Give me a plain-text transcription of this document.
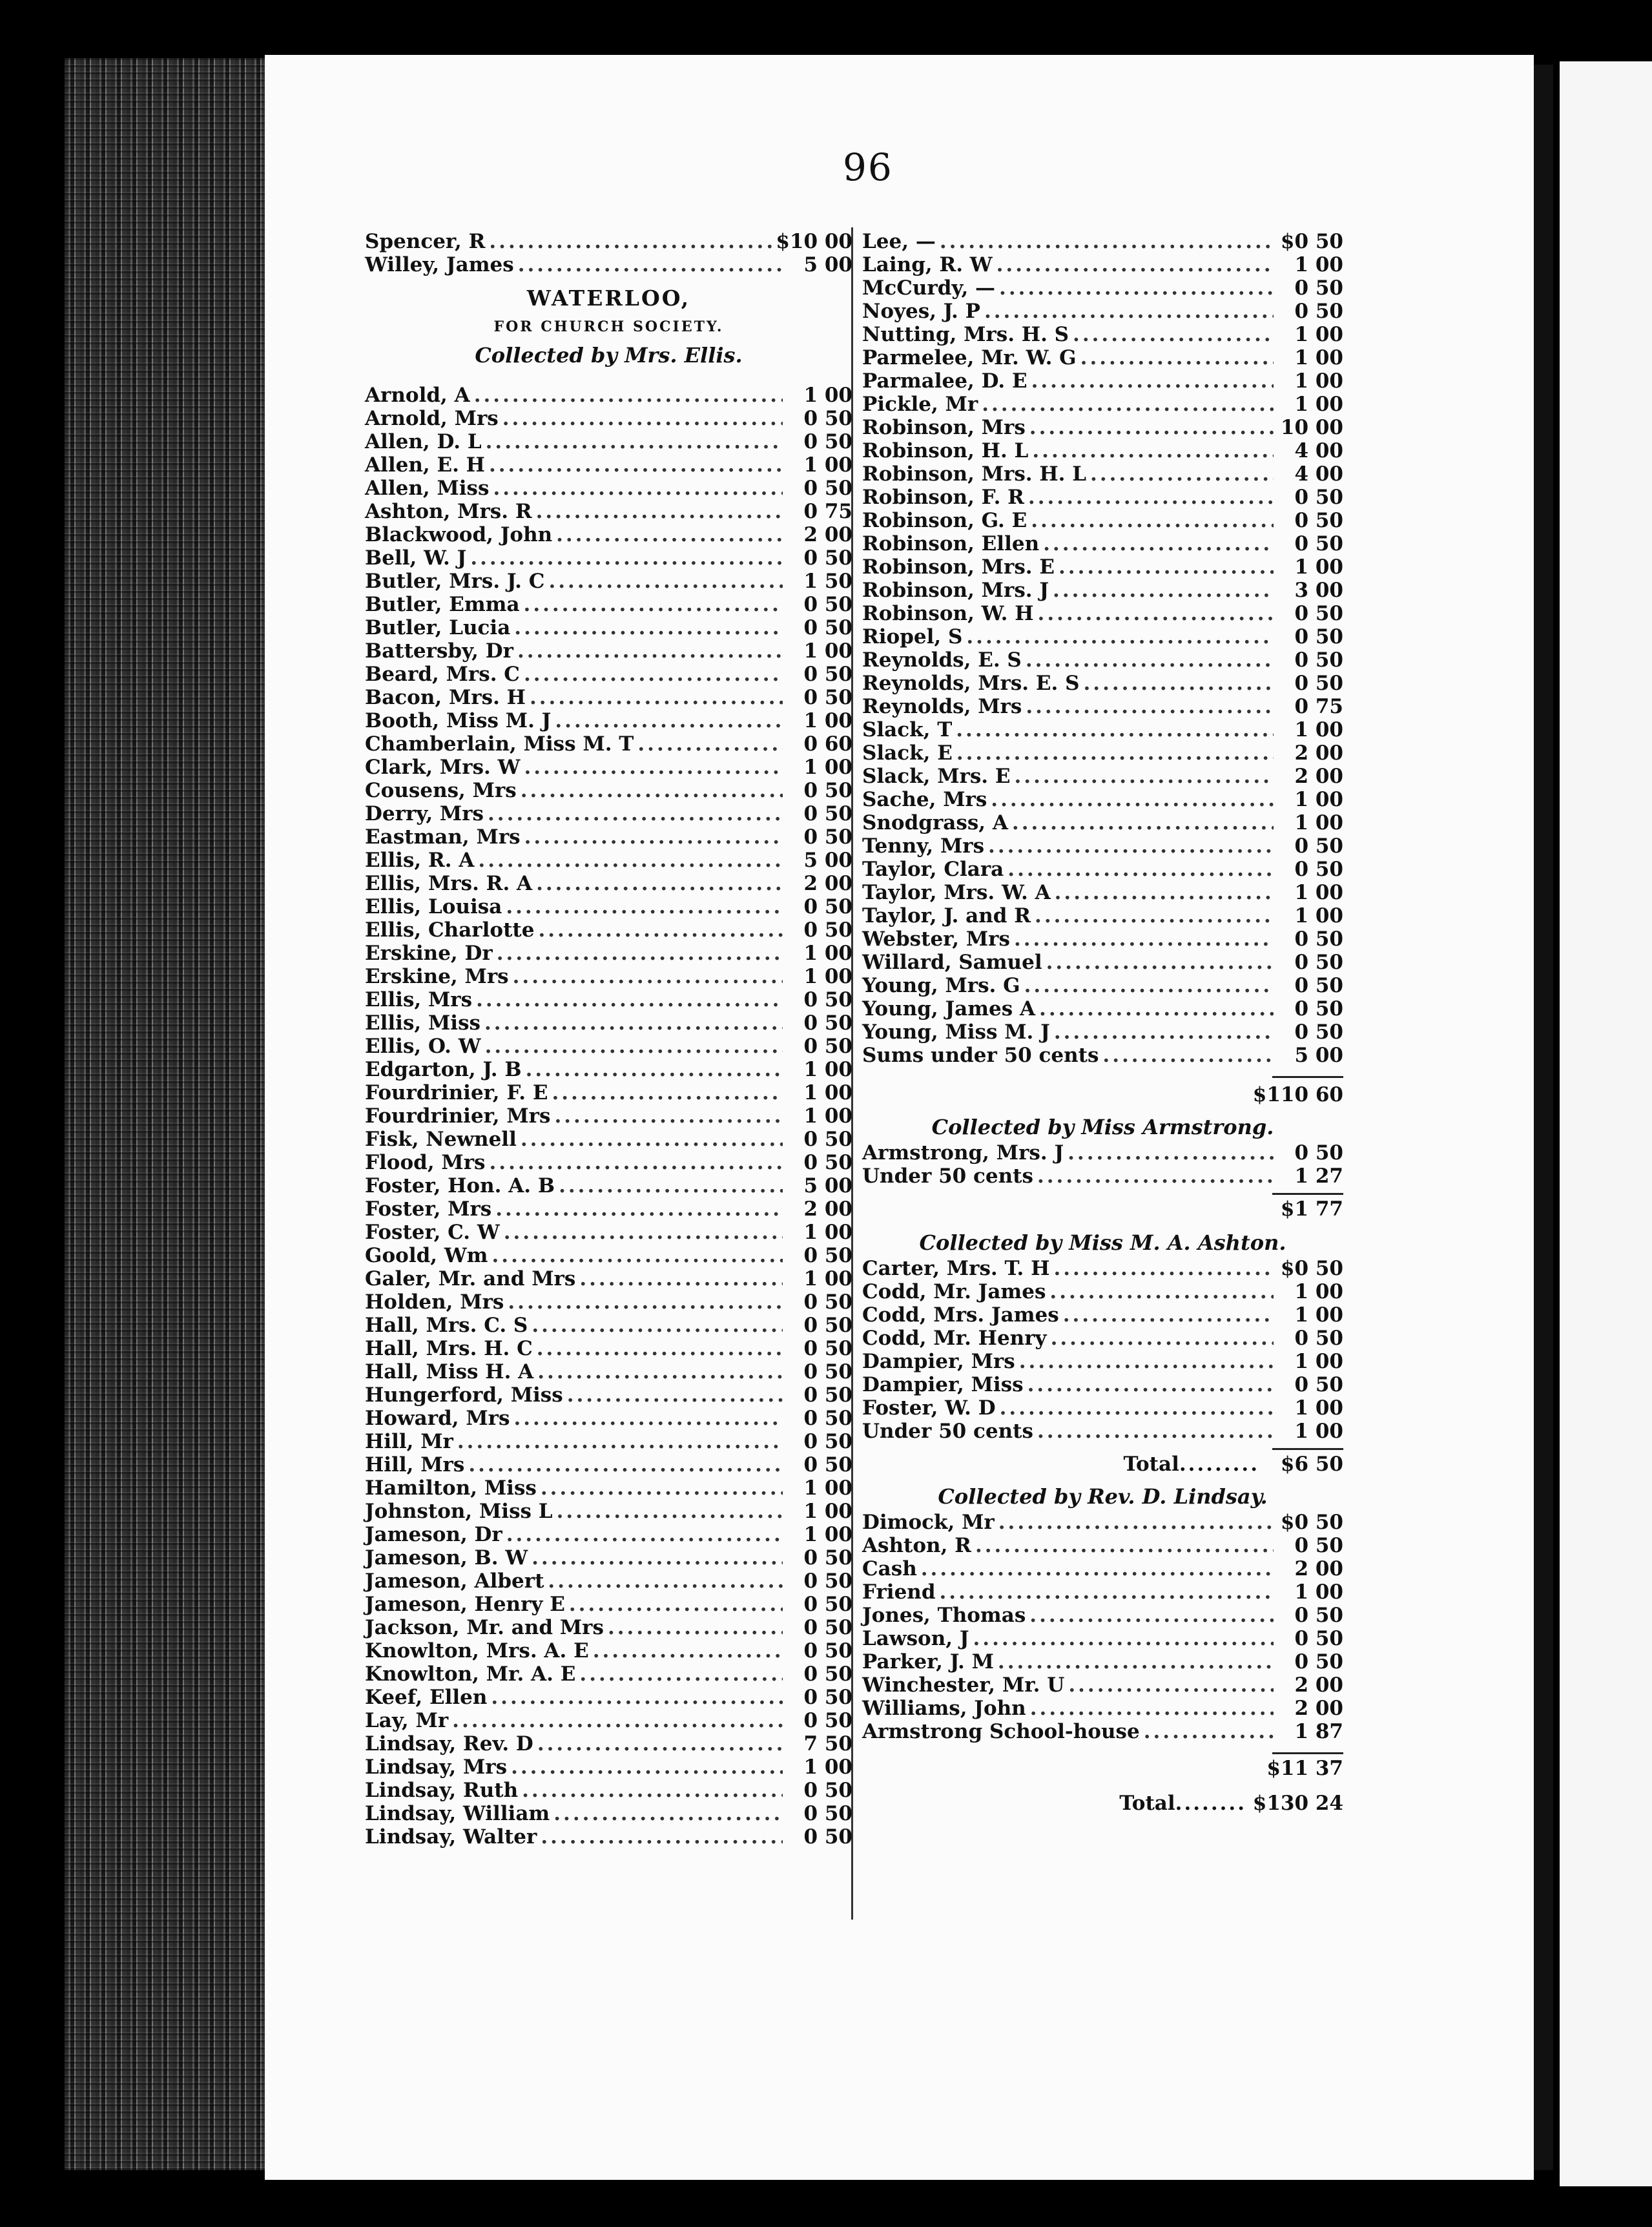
96
Spencer, R .....	$10 00
Willey, James .....	5 00
WATERLOO,
FOR CHURCH SOCIETY.
Collected by Mrs. Ellis.
Arnold, A .....	1 00
Arnold, Mrs .....	0 50
Allen, D. L .....	0 50
Allen, E. H .....	1 00
Allen, Miss .....	0 50
Ashton, Mrs. R .....	0 75
Blackwood, John .....	2 00
Bell, W. J .....	0 50
Butler, Mrs. J. C .....	1 50
Butler, Emma .....	0 50
Butler, Lucia .....	0 50
Battersby, Dr .....	1 00
Beard, Mrs. C .....	0 50
Bacon, Mrs. H .....	0 50
Booth, Miss M. J .....	1 00
Chamberlain, Miss M. T .....	0 60
Clark, Mrs. W .....	1 00
Cousens, Mrs .....	0 50
Derry, Mrs .....	0 50
Eastman, Mrs .....	0 50
Ellis, R. A .....	5 00
Ellis, Mrs. R. A .....	2 00
Ellis, Louisa .....	0 50
Ellis, Charlotte .....	0 50
Erskine, Dr .....	1 00
Erskine, Mrs .....	1 00
Ellis, Mrs .....	0 50
Ellis, Miss .....	0 50
Ellis, O. W .....	0 50
Edgarton, J. B .....	1 00
Fourdrinier, F. E .....	1 00
Fourdrinier, Mrs .....	1 00
Fisk, Newnell .....	0 50
Flood, Mrs .....	0 50
Foster, Hon. A. B .....	5 00
Foster, Mrs .....	2 00
Foster, C. W .....	1 00
Goold, Wm .....	0 50
Galer, Mr. and Mrs .....	1 00
Holden, Mrs .....	0 50
Hall, Mrs. C. S .....	0 50
Hall, Mrs. H. C .....	0 50
Hall, Miss H. A .....	0 50
Hungerford, Miss .....	0 50
Howard, Mrs .....	0 50
Hill, Mr .....	0 50
Hill, Mrs .....	0 50
Hamilton, Miss .....	1 00
Johnston, Miss L .....	1 00
Jameson, Dr .....	1 00
Jameson, B. W .....	0 50
Jameson, Albert .....	0 50
Jameson, Henry E .....	0 50
Jackson, Mr. and Mrs .....	0 50
Knowlton, Mrs. A. E .....	0 50
Knowlton, Mr. A. E .....	0 50
Keef, Ellen .....	0 50
Lay, Mr .....	0 50
Lindsay, Rev. D .....	7 50
Lindsay, Mrs .....	1 00
Lindsay, Ruth .....	0 50
Lindsay, William .....	0 50
Lindsay, Walter .....	0 50
Lee, — .....	$0 50
Laing, R. W .....	1 00
McCurdy, — .....	0 50
Noyes, J. P .....	0 50
Nutting, Mrs. H. S .....	1 00
Parmelee, Mr. W. G .....	1 00
Parmalee, D. E .....	1 00
Pickle, Mr .....	1 00
Robinson, Mrs .....	10 00
Robinson, H. L .....	4 00
Robinson, Mrs. H. L .....	4 00
Robinson, F. R .....	0 50
Robinson, G. E .....	0 50
Robinson, Ellen .....	0 50
Robinson, Mrs. E .....	1 00
Robinson, Mrs. J .....	3 00
Robinson, W. H .....	0 50
Riopel, S .....	0 50
Reynolds, E. S .....	0 50
Reynolds, Mrs. E. S .....	0 50
Reynolds, Mrs .....	0 75
Slack, T .....	1 00
Slack, E .....	2 00
Slack, Mrs. E .....	2 00
Sache, Mrs .....	1 00
Snodgrass, A .....	1 00
Tenny, Mrs .....	0 50
Taylor, Clara .....	0 50
Taylor, Mrs. W. A .....	1 00
Taylor, J. and R .....	1 00
Webster, Mrs .....	0 50
Willard, Samuel .....	0 50
Young, Mrs. G .....	0 50
Young, James A .....	0 50
Young, Miss M. J .....	0 50
Sums under 50 cents .....	5 00
$110 60
Collected by Miss Armstrong.
Armstrong, Mrs. J .....	0 50
Under 50 cents .....	1 27
$1 77
Collected by Miss M. A. Ashton.
Carter, Mrs. T. H .....	$0 50
Codd, Mr. James .....	1 00
Codd, Mrs. James .....	1 00
Codd, Mr. Henry .....	0 50
Dampier, Mrs .....	1 00
Dampier, Miss .....	0 50
Foster, W. D .....	1 00
Under 50 cents .....	1 00
Total .........	$6 50
Collected by Rev. D. Lindsay.
Dimock, Mr .....	$0 50
Ashton, R .....	0 50
Cash .....	2 00
Friend .....	1 00
Jones, Thomas .....	0 50
Lawson, J .....	0 50
Parker, J. M .....	0 50
Winchester, Mr. U .....	2 00
Williams, John .....	2 00
Armstrong School-house .....	1 87
$11 37
Total ........ $130 24
